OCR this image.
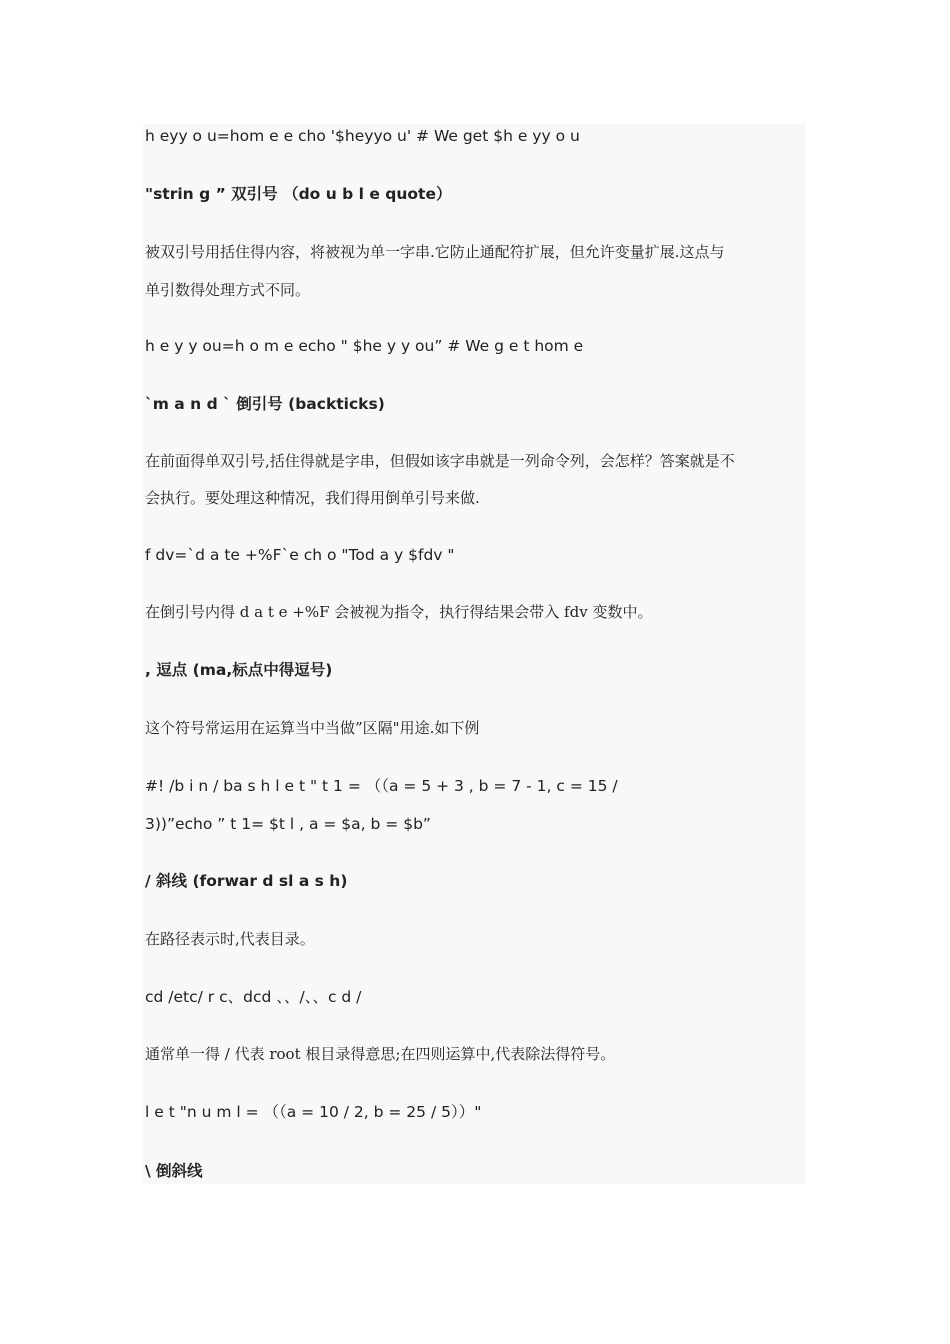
h eyy o u=hom e e cho '$heyyo u' # We get $h e yy o u
"strin g ” 双引号 （do u b l e quote）
被双引号用括住得内容，将被视为单一字串.它防止通配符扩展，但允许变量扩展.这点与
单引数得处理方式不同。
h e y y ou=h o m e echo " $he y y ou” # We g e t hom e
`m a n d ` 倒引号 (backticks)
在前面得单双引号,括住得就是字串，但假如该字串就是一列命令列，会怎样？答案就是不
会执行。要处理这种情况，我们得用倒单引号来做.
f dv=`d a te +%F`e ch o "Tod a y $fdv "
在倒引号内得 d a t e +%F 会被视为指令，执行得结果会带入 fdv 变数中。
, 逗点 (ma,标点中得逗号)
这个符号常运用在运算当中当做”区隔"用途.如下例
#! /b i n / ba s h l e t " t 1 = （（a = 5 + 3 , b = 7 - 1, c = 15 /
3))”echo ” t 1= $t l , a = $a, b = $b”
/ 斜线 (forwar d sl a s h)
在路径表示时,代表目录。
cd /etc/ r c、dcd 、、/、、c d /
通常单一得 / 代表 root 根目录得意思;在四则运算中,代表除法得符号。
l e t "n u m l = （（a = 10 / 2, b = 25 / 5））"
\ 倒斜线
